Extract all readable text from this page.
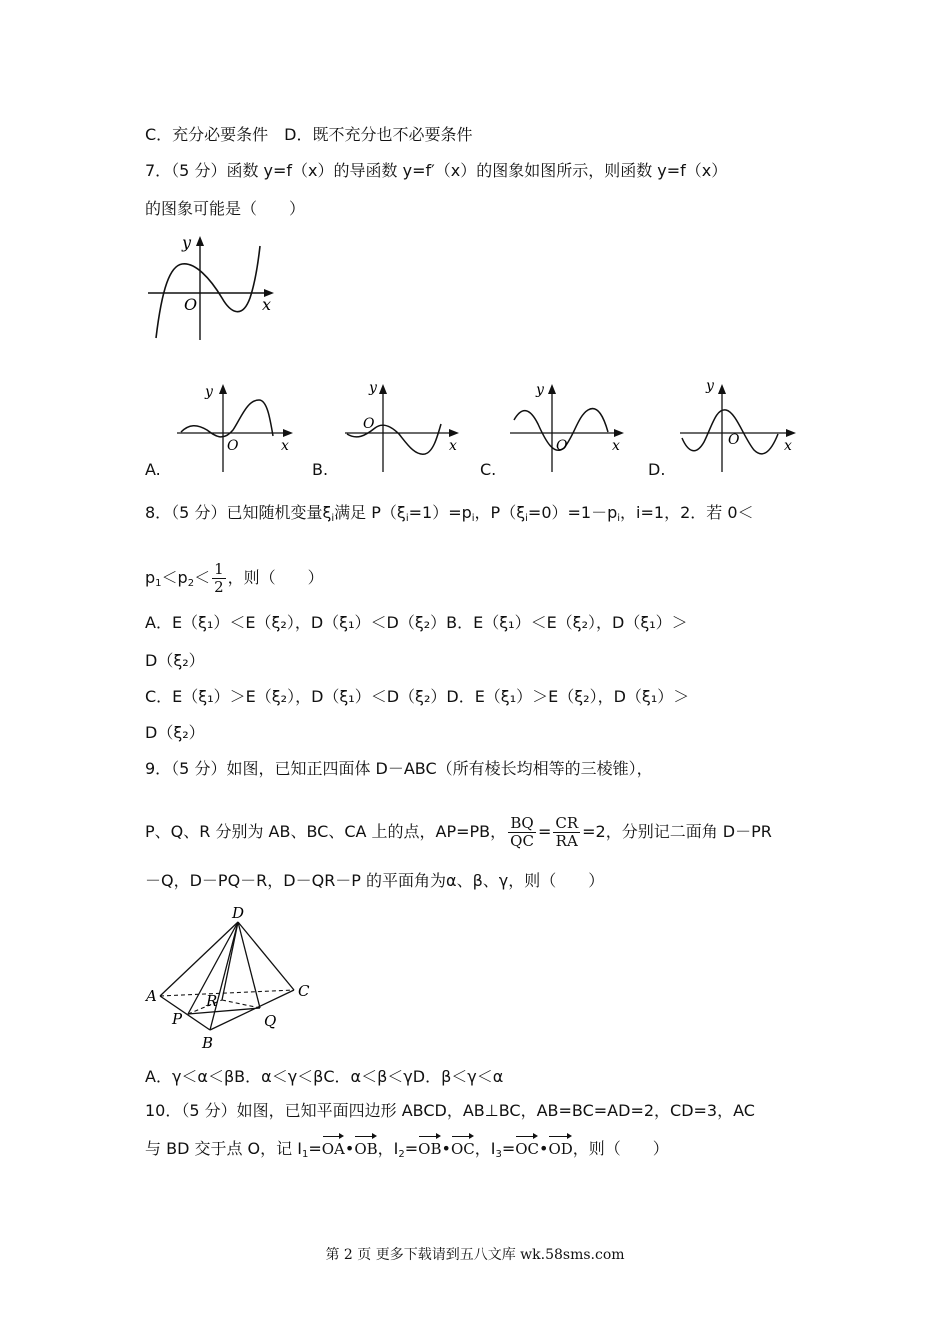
C．充分必要条件　D．既不充分也不必要条件
7．（5 分）函数 y=f（x）的导函数 y=f′（x）的图象如图所示，则函数 y=f（x）
的图象可能是（　　）
y
x
O
y
x
O
y
x
O
y
x
O
y
x
O
A.	B.	C.	D.
8．（5 分）已知随机变量$\xi_i$满足 $P(\xi_i=1)=p_i$，$P(\xi_i=0)=1-p_i$，i=1，2．若 0＜
$p_1<p_2< \frac{1}{2}$ ，则（　　）
A．E（ξ₁）＜E（ξ₂），D（ξ₁）＜D（ξ₂）B．E（ξ₁）＜E（ξ₂），D（ξ₁）＞
D（ξ₂）
C．E（ξ₁）＞E（ξ₂），D（ξ₁）＜D（ξ₂）D．E（ξ₁）＞E（ξ₂），D（ξ₁）＞
D（ξ₂）
9．（5 分）如图，已知正四面体 D－ABC（所有棱长均相等的三棱锥），
P、Q、R 分别为 AB、BC、CA 上的点，AP=PB， $\frac{BQ}{QC} = \frac{CR}{RA} =2$，分别记二面角 D－PR
－Q，D－PQ－R，D－QR－P 的平面角为α、β、γ，则（　　）
D
A	R
C
P	Q
B
A．γ＜α＜βB．α＜γ＜βC．α＜β＜γD．β＜γ＜α
10．（5 分）如图，已知平面四边形 ABCD，AB⊥BC，AB=BC=AD=2，CD=3，AC
与 BD 交于点 O，记 $I_1=OA•OB$，$I_2=OB•OC$，$I_3=OC•OD$，则（　　）
第 2 页 更多下载请到五八文库 wk.58sms.com
